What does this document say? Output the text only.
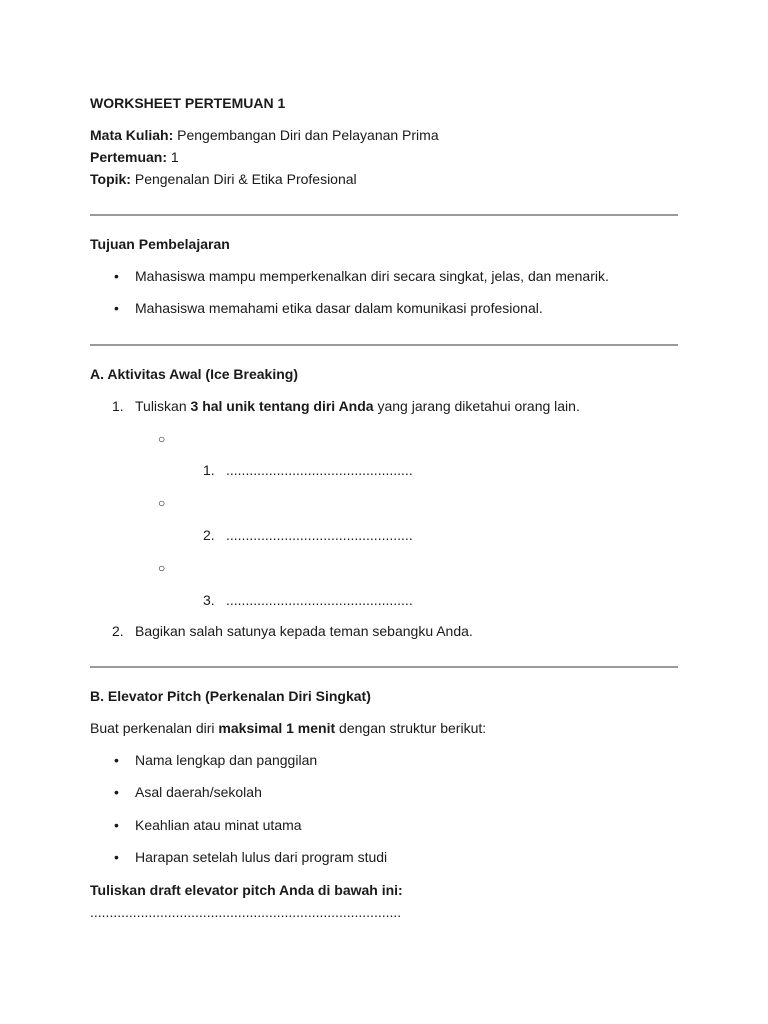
WORKSHEET PERTEMUAN 1
Mata Kuliah: Pengembangan Diri dan Pelayanan Prima
Pertemuan: 1
Topik: Pengenalan Diri & Etika Profesional
Tujuan Pembelajaran
Mahasiswa mampu memperkenalkan diri secara singkat, jelas, dan menarik.
Mahasiswa memahami etika dasar dalam komunikasi profesional.
A. Aktivitas Awal (Ice Breaking)
1. Tuliskan 3 hal unik tentang diri Anda yang jarang diketahui orang lain.
○
1. ................................................
○
2. ................................................
○
3. ................................................
2. Bagikan salah satunya kepada teman sebangku Anda.
B. Elevator Pitch (Perkenalan Diri Singkat)
Buat perkenalan diri maksimal 1 menit dengan struktur berikut:
Nama lengkap dan panggilan
Asal daerah/sekolah
Keahlian atau minat utama
Harapan setelah lulus dari program studi
Tuliskan draft elevator pitch Anda di bawah ini:
................................................................................
